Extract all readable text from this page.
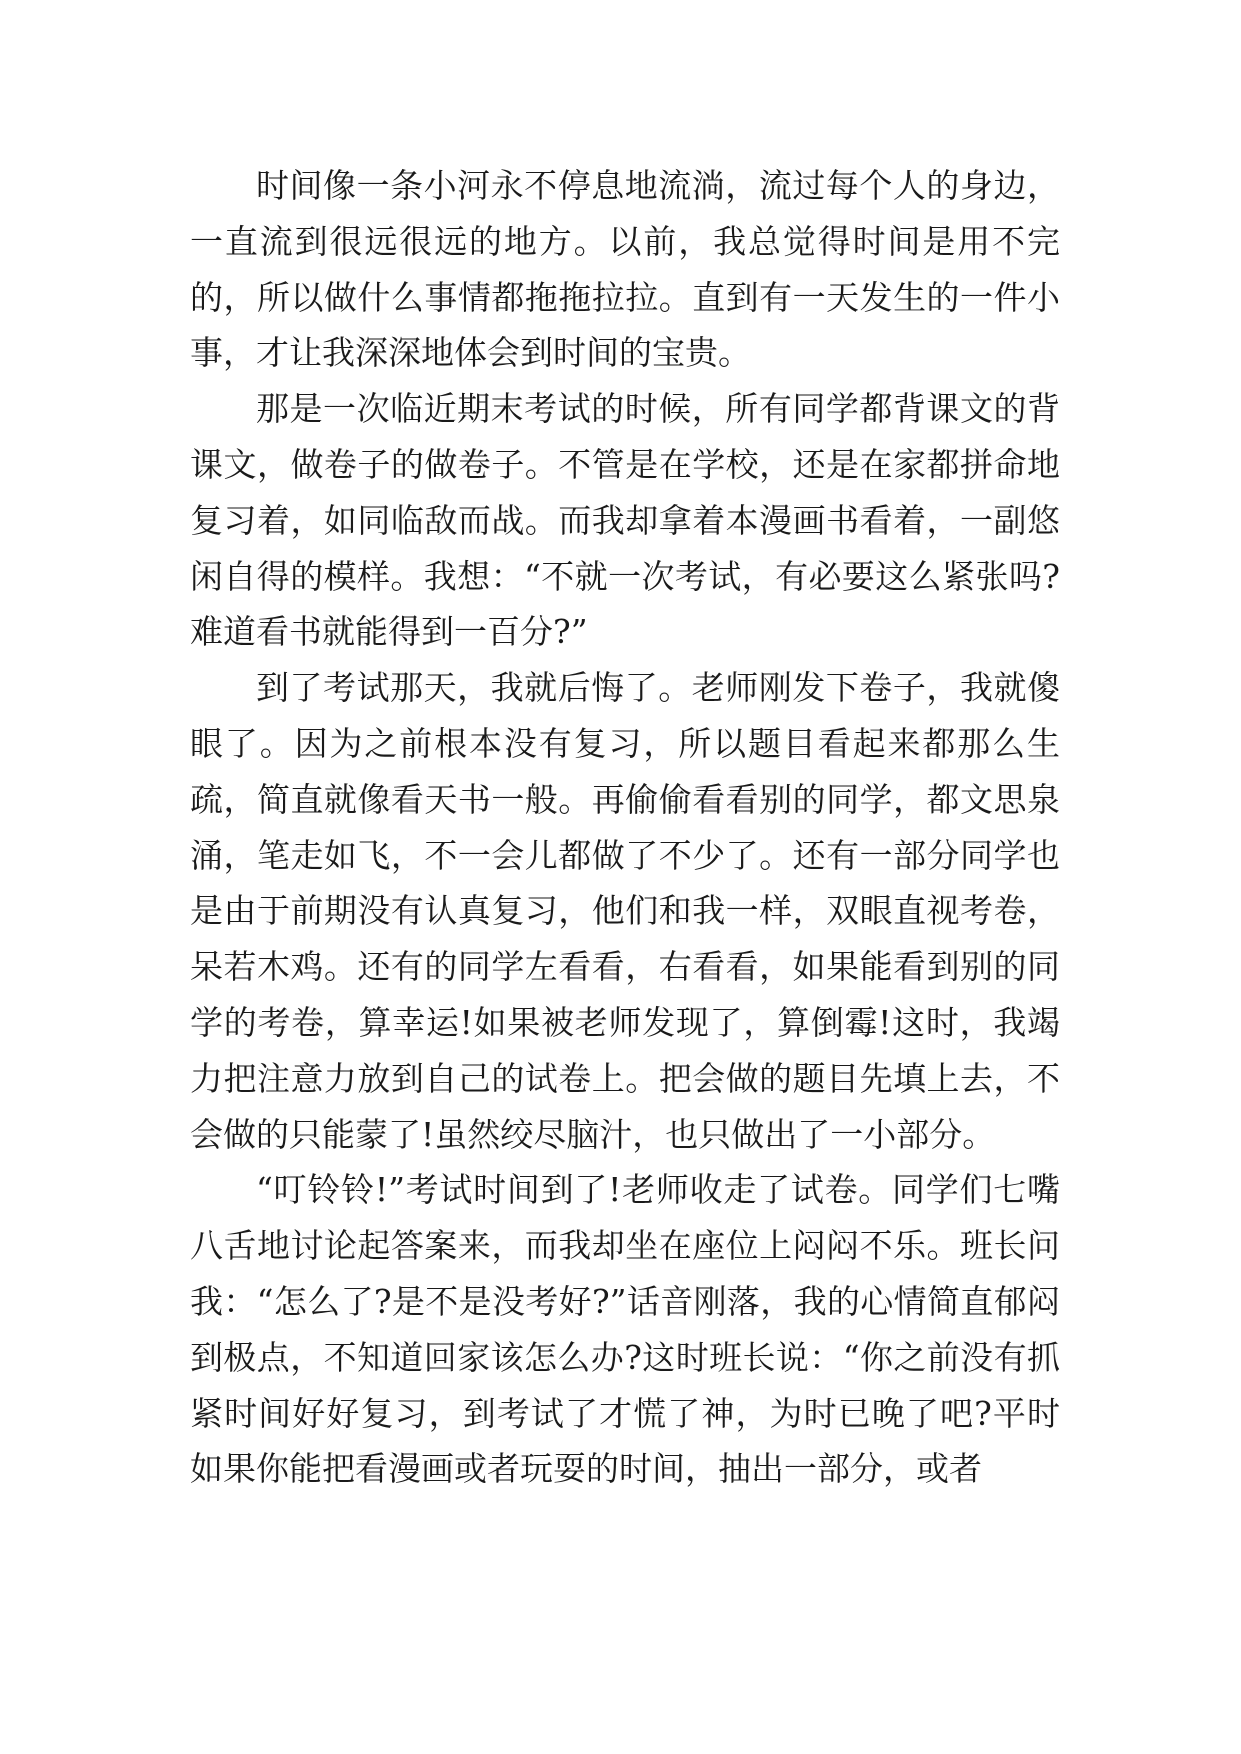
时间像一条小河永不停息地流淌，流过每个人的身边，一直流到很远很远的地方。以前，我总觉得时间是用不完的，所以做什么事情都拖拖拉拉。直到有一天发生的一件小事，才让我深深地体会到时间的宝贵。

那是一次临近期末考试的时候，所有同学都背课文的背课文，做卷子的做卷子。不管是在学校，还是在家都拼命地复习着，如同临敌而战。而我却拿着本漫画书看着，一副悠闲自得的模样。我想：“不就一次考试，有必要这么紧张吗?难道看书就能得到一百分?”

到了考试那天，我就后悔了。老师刚发下卷子，我就傻眼了。因为之前根本没有复习，所以题目看起来都那么生疏，简直就像看天书一般。再偷偷看看别的同学，都文思泉涌，笔走如飞，不一会儿都做了不少了。还有一部分同学也是由于前期没有认真复习，他们和我一样，双眼直视考卷，呆若木鸡。还有的同学左看看，右看看，如果能看到别的同学的考卷，算幸运!如果被老师发现了，算倒霉!这时，我竭力把注意力放到自己的试卷上。把会做的题目先填上去，不会做的只能蒙了!虽然绞尽脑汁，也只做出了一小部分。

“叮铃铃!”考试时间到了!老师收走了试卷。同学们七嘴八舌地讨论起答案来，而我却坐在座位上闷闷不乐。班长问我：“怎么了?是不是没考好?”话音刚落，我的心情简直郁闷到极点，不知道回家该怎么办?这时班长说：“你之前没有抓紧时间好好复习，到考试了才慌了神，为时已晚了吧?平时如果你能把看漫画或者玩耍的时间，抽出一部分，或者
